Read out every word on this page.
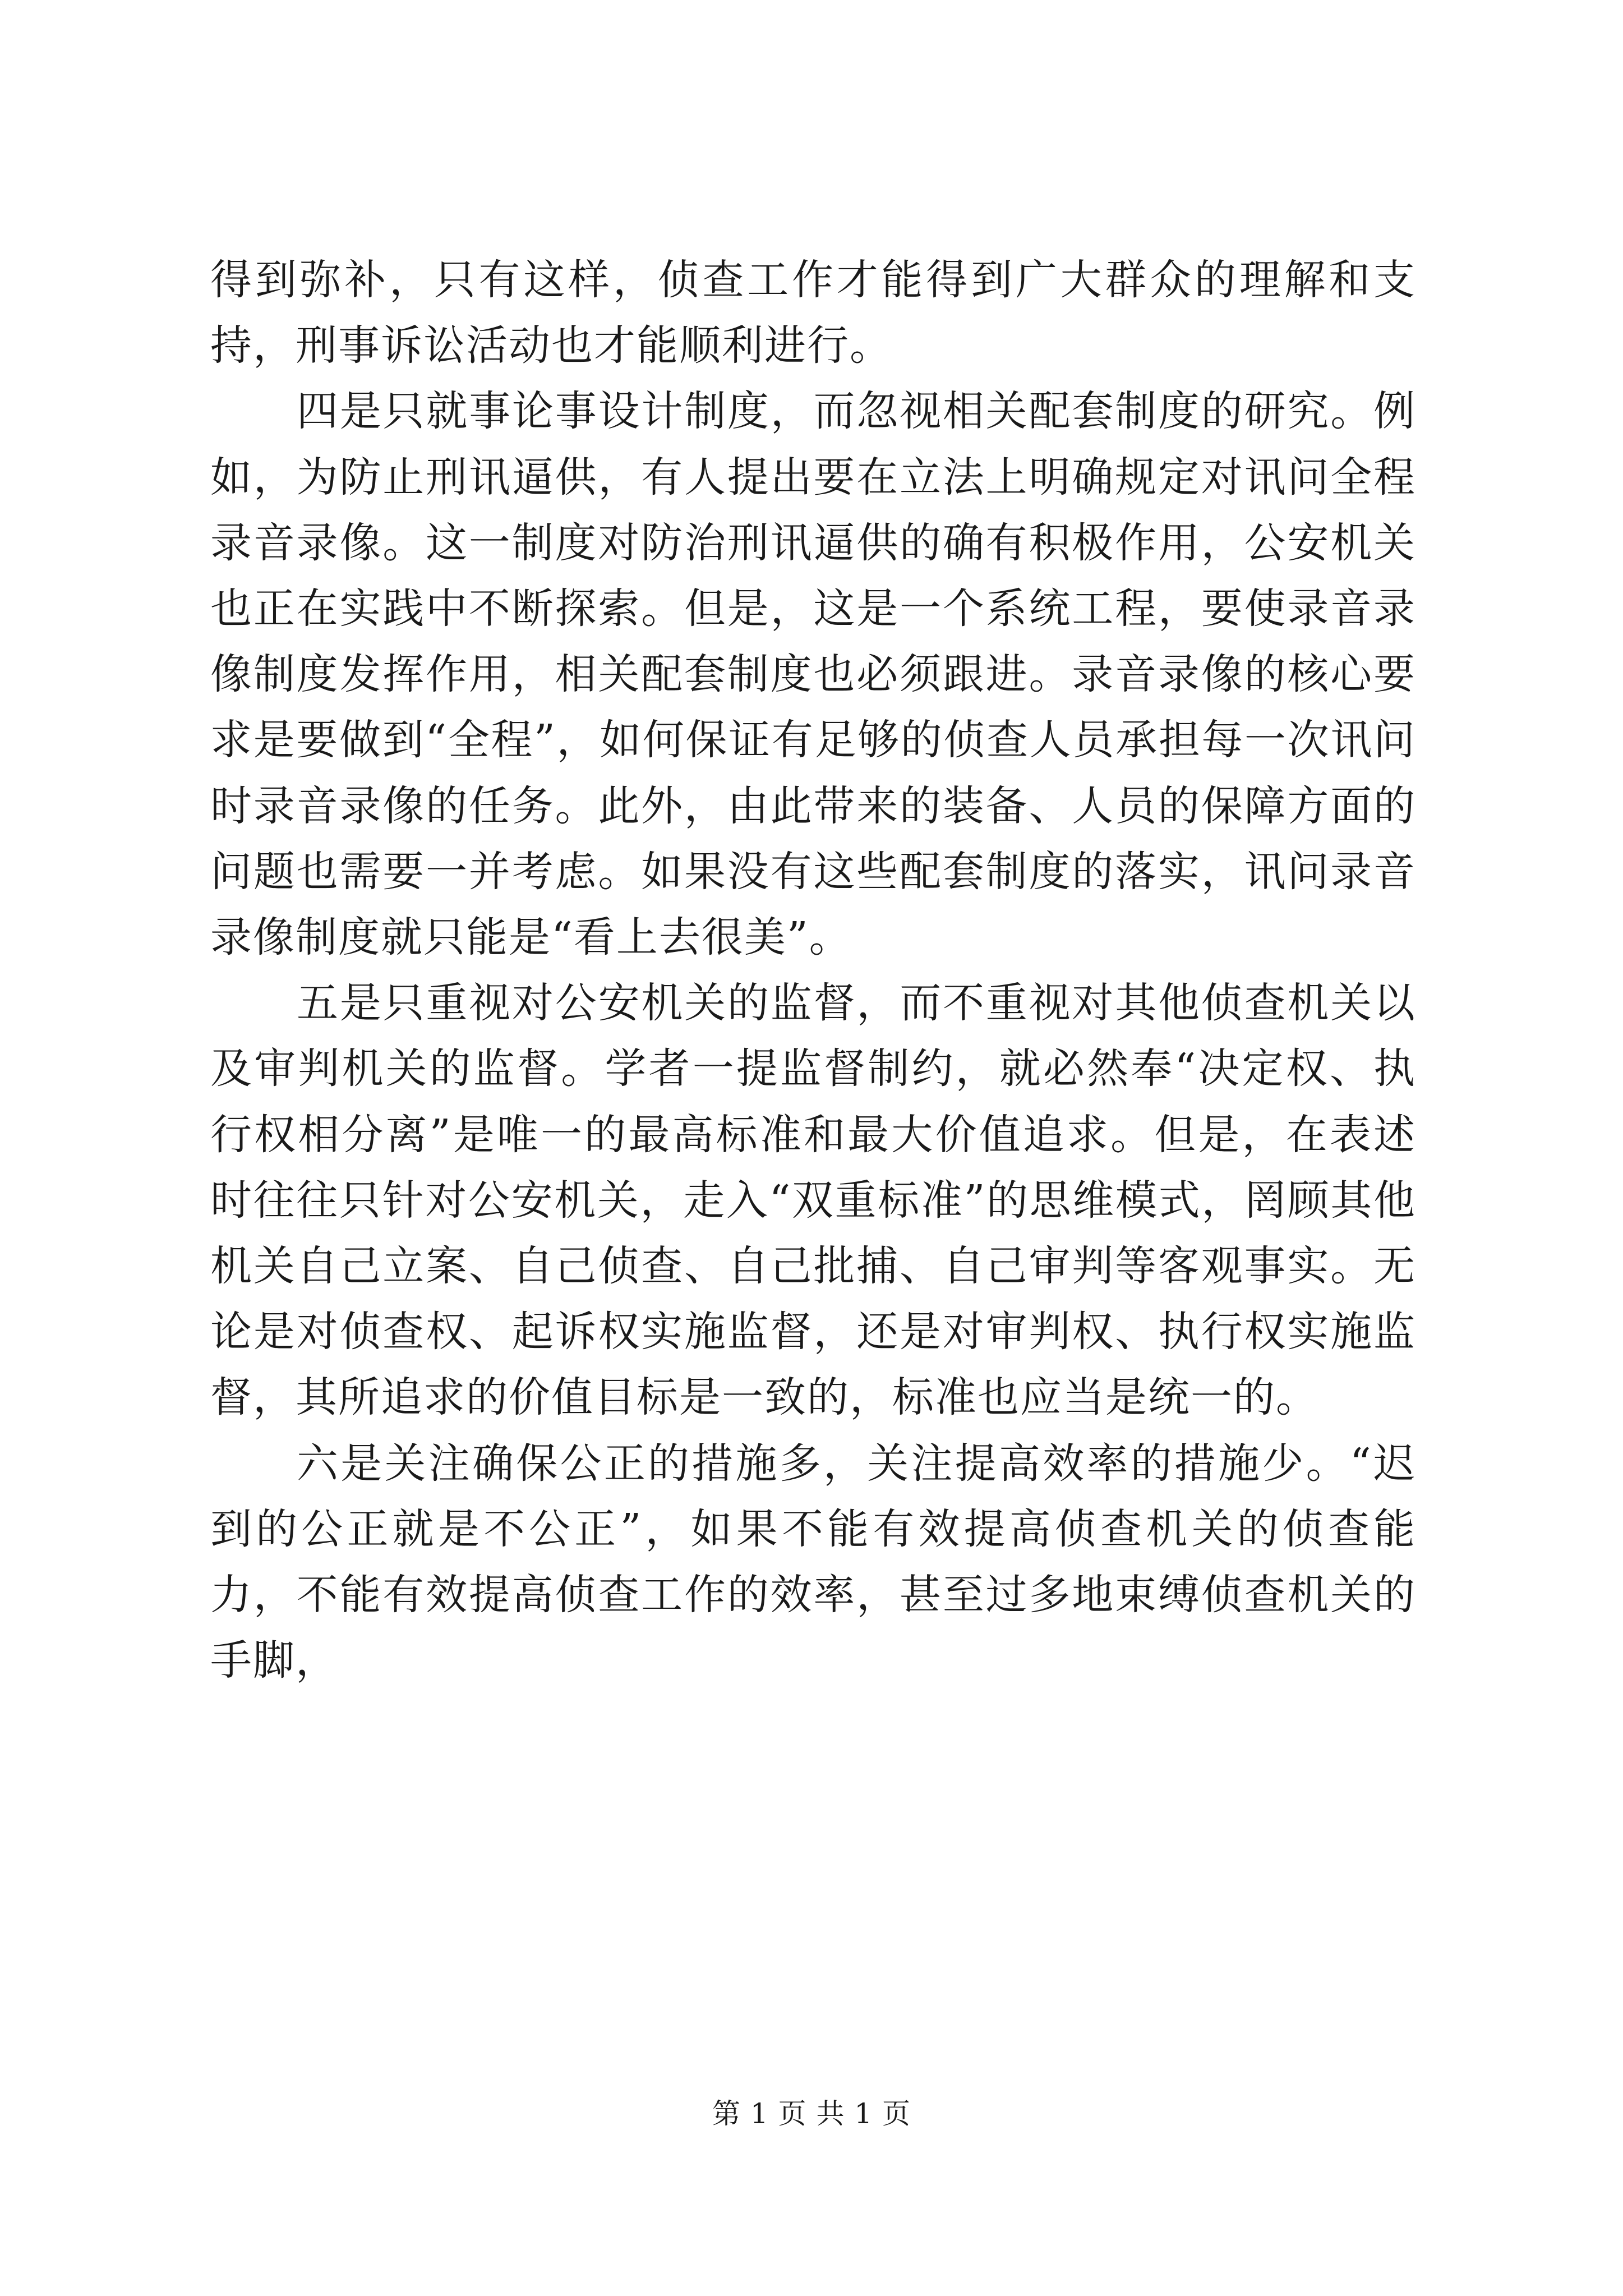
得到弥补，只有这样，侦查工作才能得到广大群众的理解和支持，刑事诉讼活动也才能顺利进行。

四是只就事论事设计制度，而忽视相关配套制度的研究。例如，为防止刑讯逼供，有人提出要在立法上明确规定对讯问全程录音录像。这一制度对防治刑讯逼供的确有积极作用，公安机关也正在实践中不断探索。但是，这是一个系统工程，要使录音录像制度发挥作用，相关配套制度也必须跟进。录音录像的核心要求是要做到“全程”，如何保证有足够的侦查人员承担每一次讯问时录音录像的任务。此外，由此带来的装备、人员的保障方面的问题也需要一并考虑。如果没有这些配套制度的落实，讯问录音录像制度就只能是“看上去很美”。

五是只重视对公安机关的监督，而不重视对其他侦查机关以及审判机关的监督。学者一提监督制约，就必然奉“决定权、执行权相分离”是唯一的最高标准和最大价值追求。但是，在表述时往往只针对公安机关，走入“双重标准”的思维模式，罔顾其他机关自己立案、自己侦查、自己批捕、自己审判等客观事实。无论是对侦查权、起诉权实施监督，还是对审判权、执行权实施监督，其所追求的价值目标是一致的，标准也应当是统一的。

六是关注确保公正的措施多，关注提高效率的措施少。“迟到的公正就是不公正”，如果不能有效提高侦查机关的侦查能力，不能有效提高侦查工作的效率，甚至过多地束缚侦查机关的手脚，

第 1 页 共 1 页
